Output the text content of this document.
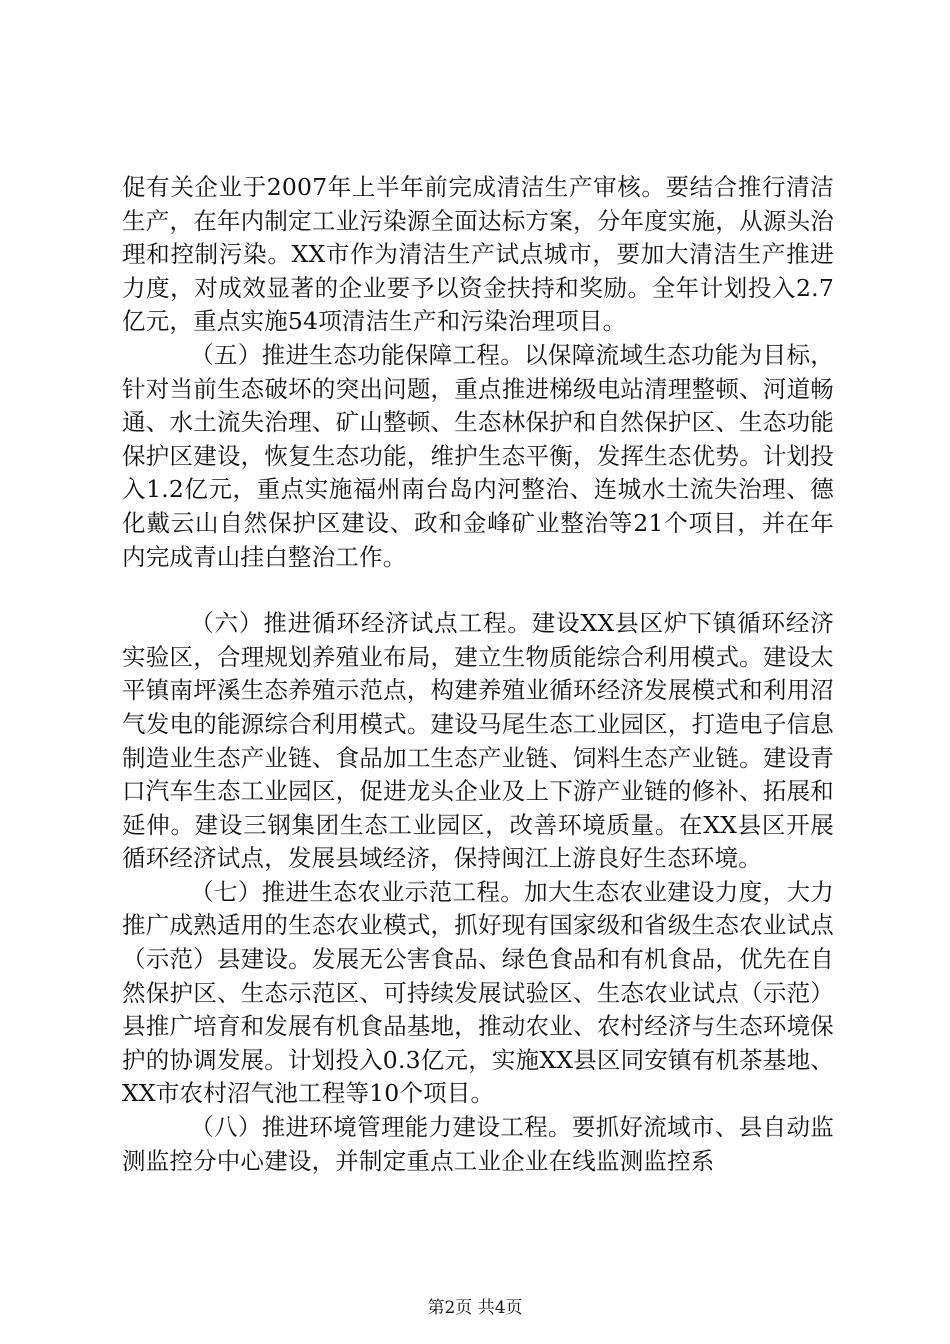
促有关企业于2007年上半年前完成清洁生产审核。要结合推行清洁生产，在年内制定工业污染源全面达标方案，分年度实施，从源头治理和控制污染。XX市作为清洁生产试点城市，要加大清洁生产推进力度，对成效显著的企业要予以资金扶持和奖励。全年计划投入2.7亿元，重点实施54项清洁生产和污染治理项目。

（五）推进生态功能保障工程。以保障流域生态功能为目标，针对当前生态破坏的突出问题，重点推进梯级电站清理整顿、河道畅通、水土流失治理、矿山整顿、生态林保护和自然保护区、生态功能保护区建设，恢复生态功能，维护生态平衡，发挥生态优势。计划投入1.2亿元，重点实施福州南台岛内河整治、连城水土流失治理、德化戴云山自然保护区建设、政和金峰矿业整治等21个项目，并在年内完成青山挂白整治工作。

（六）推进循环经济试点工程。建设XX县区炉下镇循环经济实验区，合理规划养殖业布局，建立生物质能综合利用模式。建设太平镇南坪溪生态养殖示范点，构建养殖业循环经济发展模式和利用沼气发电的能源综合利用模式。建设马尾生态工业园区，打造电子信息制造业生态产业链、食品加工生态产业链、饲料生态产业链。建设青口汽车生态工业园区，促进龙头企业及上下游产业链的修补、拓展和延伸。建设三钢集团生态工业园区，改善环境质量。在XX县区开展循环经济试点，发展县域经济，保持闽江上游良好生态环境。

（七）推进生态农业示范工程。加大生态农业建设力度，大力推广成熟适用的生态农业模式，抓好现有国家级和省级生态农业试点（示范）县建设。发展无公害食品、绿色食品和有机食品，优先在自然保护区、生态示范区、可持续发展试验区、生态农业试点（示范）县推广培育和发展有机食品基地，推动农业、农村经济与生态环境保护的协调发展。计划投入0.3亿元，实施XX县区同安镇有机茶基地、XX市农村沼气池工程等10个项目。

（八）推进环境管理能力建设工程。要抓好流域市、县自动监测监控分中心建设，并制定重点工业企业在线监测监控系

第2页 共4页
